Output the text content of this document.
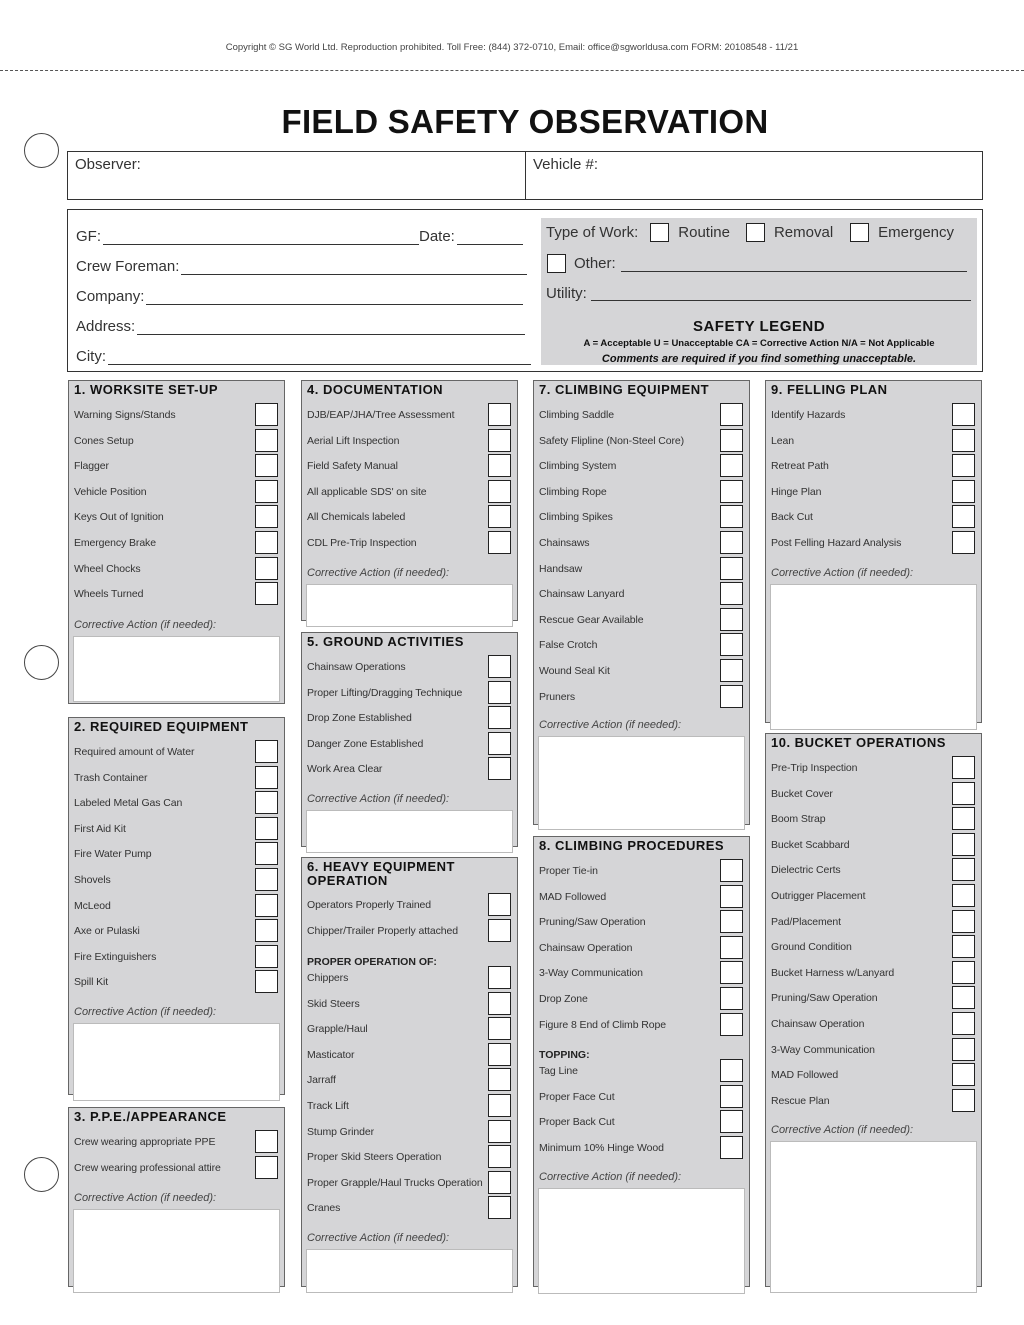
Copyright © SG World Ltd. Reproduction prohibited. Toll Free: (844) 372-0710, Email: office@sgworldusa.com FORM: 20108548 - 11/21
FIELD SAFETY OBSERVATION
Observer:	Vehicle #:
GF:	Date:
Crew Foreman:
Company:
Address:
City:
Type of Work:	Routine	Removal	Emergency
Other:
Utility:
SAFETY LEGEND
A = Acceptable U = Unacceptable CA = Corrective Action N/A = Not Applicable
Comments are required if you find something unacceptable.
1. WORKSITE SET-UP
Warning Signs/Stands
Cones Setup
Flagger
Vehicle Position
Keys Out of Ignition
Emergency Brake
Wheel Chocks
Wheels Turned
Corrective Action (if needed):
2. REQUIRED EQUIPMENT
Required amount of Water
Trash Container
Labeled Metal Gas Can
First Aid Kit
Fire Water Pump
Shovels
McLeod
Axe or Pulaski
Fire Extinguishers
Spill Kit
Corrective Action (if needed):
3. P.P.E./APPEARANCE
Crew wearing appropriate PPE
Crew wearing professional attire
Corrective Action (if needed):
4. DOCUMENTATION
DJB/EAP/JHA/Tree Assessment
Aerial Lift Inspection
Field Safety Manual
All applicable SDS' on site
All Chemicals labeled
CDL Pre-Trip Inspection
Corrective Action (if needed):
5. GROUND ACTIVITIES
Chainsaw Operations
Proper Lifting/Dragging Technique
Drop Zone Established
Danger Zone Established
Work Area Clear
Corrective Action (if needed):
6. HEAVY EQUIPMENT
OPERATION
Operators Properly Trained
Chipper/Trailer Properly attached
PROPER OPERATION OF:
Chippers
Skid Steers
Grapple/Haul
Masticator
Jarraff
Track Lift
Stump Grinder
Proper Skid Steers Operation
Proper Grapple/Haul Trucks Operation
Cranes
Corrective Action (if needed):
7. CLIMBING EQUIPMENT
Climbing Saddle
Safety Flipline (Non-Steel Core)
Climbing System
Climbing Rope
Climbing Spikes
Chainsaws
Handsaw
Chainsaw Lanyard
Rescue Gear Available
False Crotch
Wound Seal Kit
Pruners
Corrective Action (if needed):
8. CLIMBING PROCEDURES
Proper Tie-in
MAD Followed
Pruning/Saw Operation
Chainsaw Operation
3-Way Communication
Drop Zone
Figure 8 End of Climb Rope
TOPPING:
Tag Line
Proper Face Cut
Proper Back Cut
Minimum 10% Hinge Wood
Corrective Action (if needed):
9. FELLING PLAN
Identify Hazards
Lean
Retreat Path
Hinge Plan
Back Cut
Post Felling Hazard Analysis
Corrective Action (if needed):
10. BUCKET OPERATIONS
Pre-Trip Inspection
Bucket Cover
Boom Strap
Bucket Scabbard
Dielectric Certs
Outrigger Placement
Pad/Placement
Ground Condition
Bucket Harness w/Lanyard
Pruning/Saw Operation
Chainsaw Operation
3-Way Communication
MAD Followed
Rescue Plan
Corrective Action (if needed):
